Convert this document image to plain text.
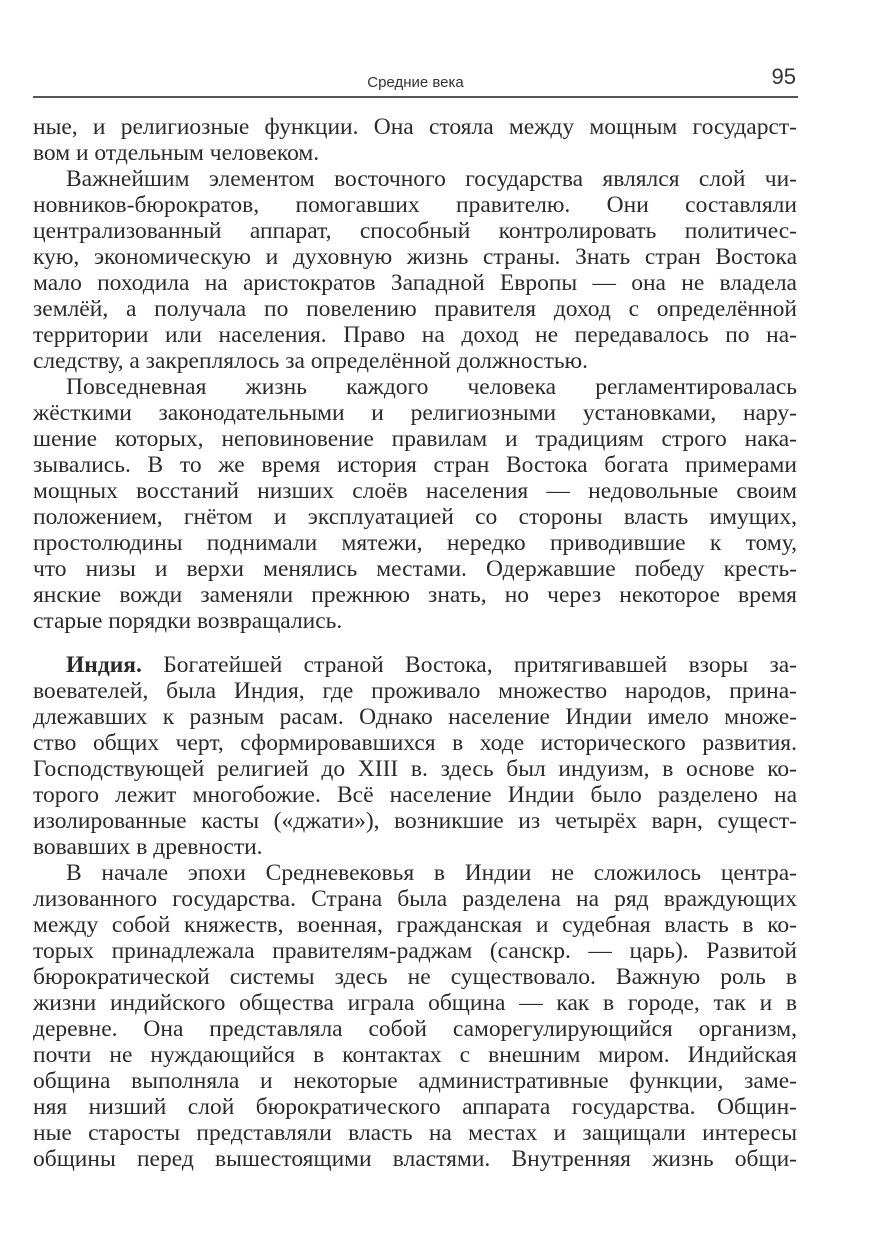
Средние века	95
ные, и религиозные функции. Она стояла между мощным государст-
вом и отдельным человеком.
Важнейшим элементом восточного государства являлся слой чи-
новников-бюрократов, помогавших правителю. Они составляли
централизованный аппарат, способный контролировать политичес-
кую, экономическую и духовную жизнь страны. Знать стран Востока
мало походила на аристократов Западной Европы — она не владела
землёй, а получала по повелению правителя доход с определённой
территории или населения. Право на доход не передавалось по на-
следству, а закреплялось за определённой должностью.
Повседневная жизнь каждого человека регламентировалась
жёсткими законодательными и религиозными установками, нару-
шение которых, неповиновение правилам и традициям строго нака-
зывались. В то же время история стран Востока богата примерами
мощных восстаний низших слоёв населения — недовольные своим
положением, гнётом и эксплуатацией со стороны власть имущих,
простолюдины поднимали мятежи, нередко приводившие к тому,
что низы и верхи менялись местами. Одержавшие победу кресть-
янские вожди заменяли прежнюю знать, но через некоторое время
старые порядки возвращались.
Индия. Богатейшей страной Востока, притягивавшей взоры за-
воевателей, была Индия, где проживало множество народов, принa-
длежавших к разным расам. Однако население Индии имело множе-
ство общих черт, сформировавшихся в ходе исторического развития.
Господствующей религией до XIII в. здесь был индуизм, в основе ко-
торого лежит многобожие. Всё население Индии было разделено на
изолированные касты («джати»), возникшие из четырёх варн, сущест-
вовавших в древности.
В начале эпохи Средневековья в Индии не сложилось центра-
лизованного государства. Страна была разделена на ряд враждующих
между собой княжеств, военная, гражданская и судебная власть в ко-
торых принадлежала правителям-раджам (санскр. — царь). Развитой
бюрократической системы здесь не существовало. Важную роль в
жизни индийского общества играла община — как в городе, так и в
деревне. Она представляла собой саморегулирующийся организм,
почти не нуждающийся в контактах с внешним миром. Индийская
община выполняла и некоторые административные функции, заме-
няя низший слой бюрократического аппарата государства. Общин-
ные старосты представляли власть на местах и защищали интересы
общины перед вышестоящими властями. Внутренняя жизнь общи-
